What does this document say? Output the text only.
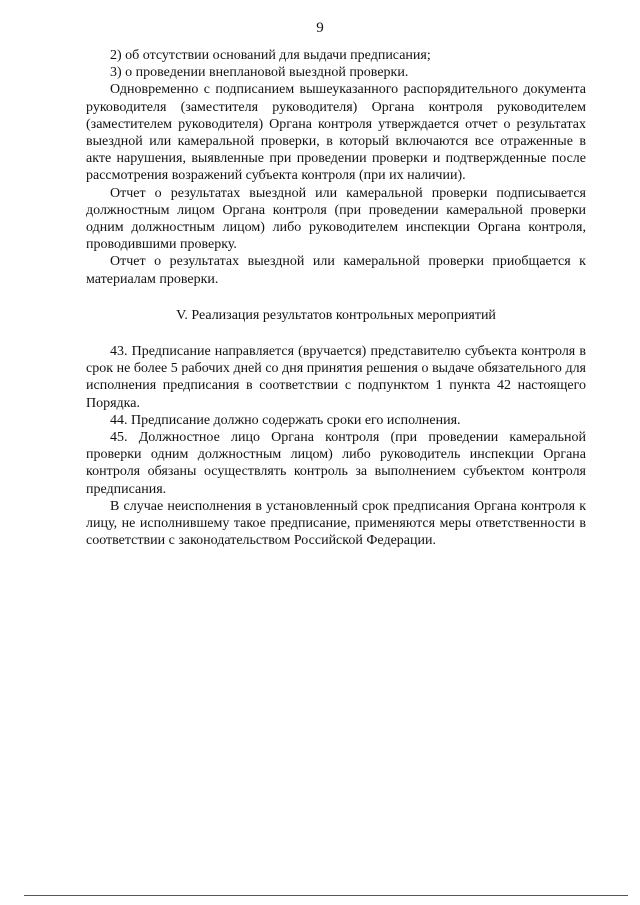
9

2) об отсутствии оснований для выдачи предписания;

3) о проведении внеплановой выездной проверки.

Одновременно с подписанием вышеуказанного распорядительного документа руководителя (заместителя руководителя) Органа контроля руководителем (заместителем руководителя) Органа контроля утверждается отчет о результатах выездной или камеральной проверки, в который включаются все отраженные в акте нарушения, выявленные при проведении проверки и подтвержденные после рассмотрения возражений субъекта контроля (при их наличии).

Отчет о результатах выездной или камеральной проверки подписывается должностным лицом Органа контроля (при проведении камеральной проверки одним должностным лицом) либо руководителем инспекции Органа контроля, проводившими проверку.

Отчет о результатах выездной или камеральной проверки приобщается к материалам проверки.

V. Реализация результатов контрольных мероприятий

43. Предписание направляется (вручается) представителю субъекта контроля в срок не более 5 рабочих дней со дня принятия решения о выдаче обязательного для исполнения предписания в соответствии с подпунктом 1 пункта 42 настоящего Порядка.

44. Предписание должно содержать сроки его исполнения.

45. Должностное лицо Органа контроля (при проведении камеральной проверки одним должностным лицом) либо руководитель инспекции Органа контроля обязаны осуществлять контроль за выполнением субъектом контроля предписания.

В случае неисполнения в установленный срок предписания Органа контроля к лицу, не исполнившему такое предписание, применяются меры ответственности в соответствии с законодательством Российской Федерации.
